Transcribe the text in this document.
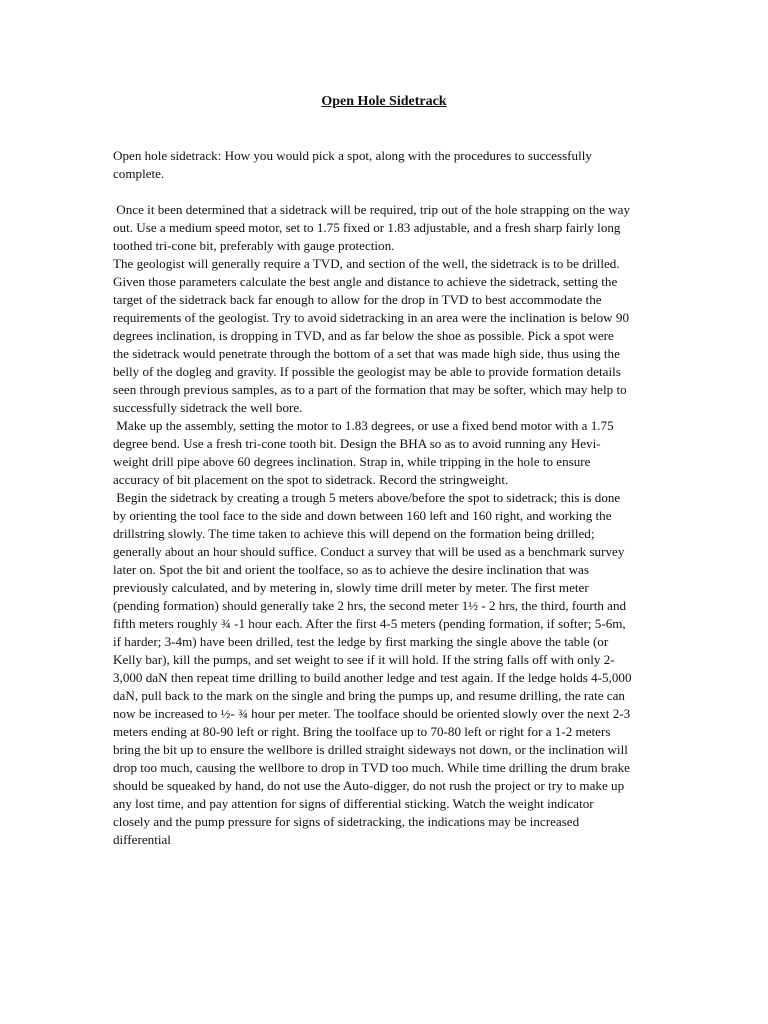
Open Hole Sidetrack

Open hole sidetrack: How you would pick a spot, along with the procedures to successfully complete.

Once it been determined that a sidetrack will be required, trip out of the hole strapping on the way out. Use a medium speed motor, set to 1.75 fixed or 1.83 adjustable, and a fresh sharp fairly long toothed tri-cone bit, preferably with gauge protection.

The geologist will generally require a TVD, and section of the well, the sidetrack is to be drilled. Given those parameters calculate the best angle and distance to achieve the sidetrack, setting the target of the sidetrack back far enough to allow for the drop in TVD to best accommodate the requirements of the geologist. Try to avoid sidetracking in an area were the inclination is below 90 degrees inclination, is dropping in TVD, and as far below the shoe as possible. Pick a spot were the sidetrack would penetrate through the bottom of a set that was made high side, thus using the belly of the dogleg and gravity. If possible the geologist may be able to provide formation details seen through previous samples, as to a part of the formation that may be softer, which may help to successfully sidetrack the well bore.

Make up the assembly, setting the motor to 1.83 degrees, or use a fixed bend motor with a 1.75 degree bend. Use a fresh tri-cone tooth bit. Design the BHA so as to avoid running any Hevi-weight drill pipe above 60 degrees inclination. Strap in, while tripping in the hole to ensure accuracy of bit placement on the spot to sidetrack. Record the stringweight.

Begin the sidetrack by creating a trough 5 meters above/before the spot to sidetrack; this is done by orienting the tool face to the side and down between 160 left and 160 right, and working the drillstring slowly. The time taken to achieve this will depend on the formation being drilled; generally about an hour should suffice. Conduct a survey that will be used as a benchmark survey later on. Spot the bit and orient the toolface, so as to achieve the desire inclination that was previously calculated, and by metering in, slowly time drill meter by meter. The first meter (pending formation) should generally take 2 hrs, the second meter 1½ - 2 hrs, the third, fourth and fifth meters roughly ¾ -1 hour each. After the first 4-5 meters (pending formation, if softer; 5-6m, if harder; 3-4m) have been drilled, test the ledge by first marking the single above the table (or Kelly bar), kill the pumps, and set weight to see if it will hold. If the string falls off with only 2-3,000 daN then repeat time drilling to build another ledge and test again. If the ledge holds 4-5,000 daN, pull back to the mark on the single and bring the pumps up, and resume drilling, the rate can now be increased to ½- ¾ hour per meter. The toolface should be oriented slowly over the next 2-3 meters ending at 80-90 left or right. Bring the toolface up to 70-80 left or right for a 1-2 meters bring the bit up to ensure the wellbore is drilled straight sideways not down, or the inclination will drop too much, causing the wellbore to drop in TVD too much. While time drilling the drum brake should be squeaked by hand, do not use the Auto-digger, do not rush the project or try to make up any lost time, and pay attention for signs of differential sticking. Watch the weight indicator closely and the pump pressure for signs of sidetracking, the indications may be increased differential
